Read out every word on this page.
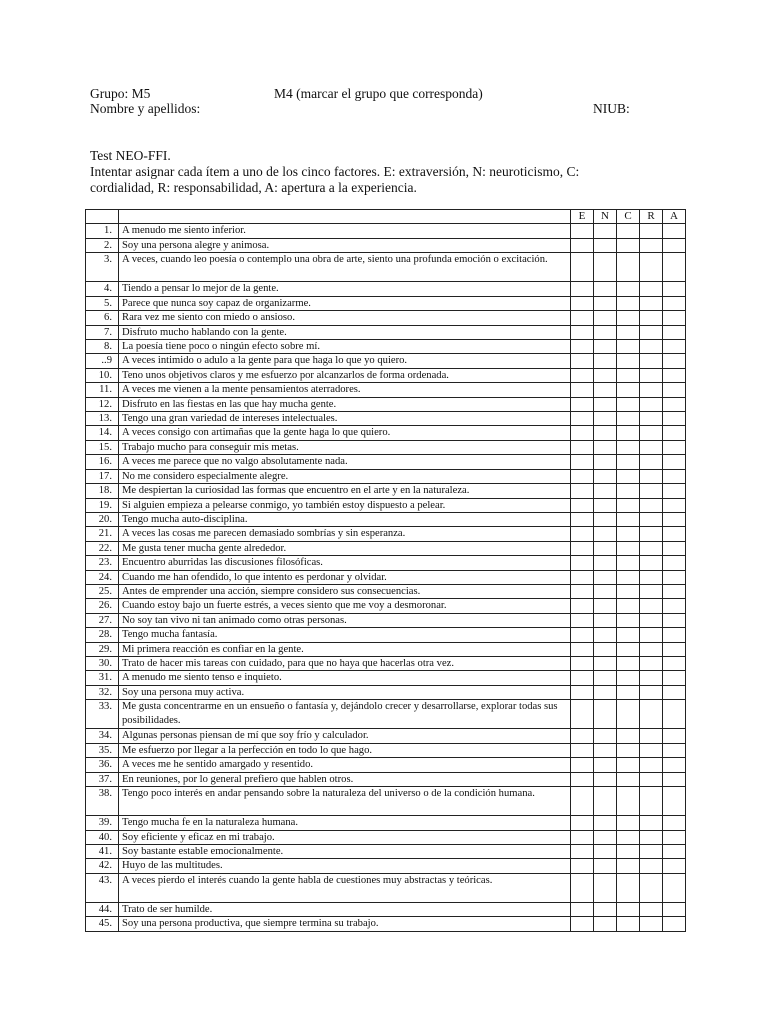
Grupo: M5	M4 (marcar el grupo que corresponda)
Nombre y apellidos:	NIUB:
Test NEO-FFI.
Intentar asignar cada ítem a uno de los cinco factores. E: extraversión, N: neuroticismo, C: cordialidad, R: responsabilidad, A: apertura a la experiencia.
		E	N	C	R	A
1.	A menudo me siento inferior.					
2.	Soy una persona alegre y animosa.					
3.	A veces, cuando leo poesía o contemplo una obra de arte, siento una profunda emoción o excitación.					
4.	Tiendo a pensar lo mejor de la gente.					
5.	Parece que nunca soy capaz de organizarme.					
6.	Rara vez me siento con miedo o ansioso.					
7.	Disfruto mucho hablando con la gente.					
8.	La poesía tiene poco o ningún efecto sobre mí.					
..9	A veces intimido o adulo a la gente para que haga lo que yo quiero.					
10.	Teno unos objetivos claros y me esfuerzo por alcanzarlos de forma ordenada.					
11.	A veces me vienen a la mente pensamientos aterradores.					
12.	Disfruto en las fiestas en las que hay mucha gente.					
13.	Tengo una gran variedad de intereses intelectuales.					
14.	A veces consigo con artimañas que la gente haga lo que quiero.					
15.	Trabajo mucho para conseguir mis metas.					
16.	A veces me parece que no valgo absolutamente nada.					
17.	No me considero especialmente alegre.					
18.	Me despiertan la curiosidad las formas que encuentro en el arte y en la naturaleza.					
19.	Si alguien empieza a pelearse conmigo, yo también estoy dispuesto a pelear.					
20.	Tengo mucha auto-disciplina.					
21.	A veces las cosas me parecen demasiado sombrías y sin esperanza.					
22.	Me gusta tener mucha gente alrededor.					
23.	Encuentro aburridas las discusiones filosóficas.					
24.	Cuando me han ofendido, lo que intento es perdonar y olvidar.					
25.	Antes de emprender una acción, siempre considero sus consecuencias.					
26.	Cuando estoy bajo un fuerte estrés, a veces siento que me voy a desmoronar.					
27.	No soy tan vivo ni tan animado como otras personas.					
28.	Tengo mucha fantasía.					
29.	Mi primera reacción es confiar en la gente.					
30.	Trato de hacer mis tareas con cuidado, para que no haya que hacerlas otra vez.					
31.	A menudo me siento tenso e inquieto.					
32.	Soy una persona muy activa.					
33.	Me gusta concentrarme en un ensueño o fantasía y, dejándolo crecer y desarrollarse, explorar todas sus posibilidades.					
34.	Algunas personas piensan de mí que soy frío y calculador.					
35.	Me esfuerzo por llegar a la perfección en todo lo que hago.					
36.	A veces me he sentido amargado y resentido.					
37.	En reuniones, por lo general prefiero que hablen otros.					
38.	Tengo poco interés en andar pensando sobre la naturaleza del universo o de la condición humana.					
39.	Tengo mucha fe en la naturaleza humana.					
40.	Soy eficiente y eficaz en mi trabajo.					
41.	Soy bastante estable emocionalmente.					
42.	Huyo de las multitudes.					
43.	A veces pierdo el interés cuando la gente habla de cuestiones muy abstractas y teóricas.					
44.	Trato de ser humilde.					
45.	Soy una persona productiva, que siempre termina su trabajo.					
